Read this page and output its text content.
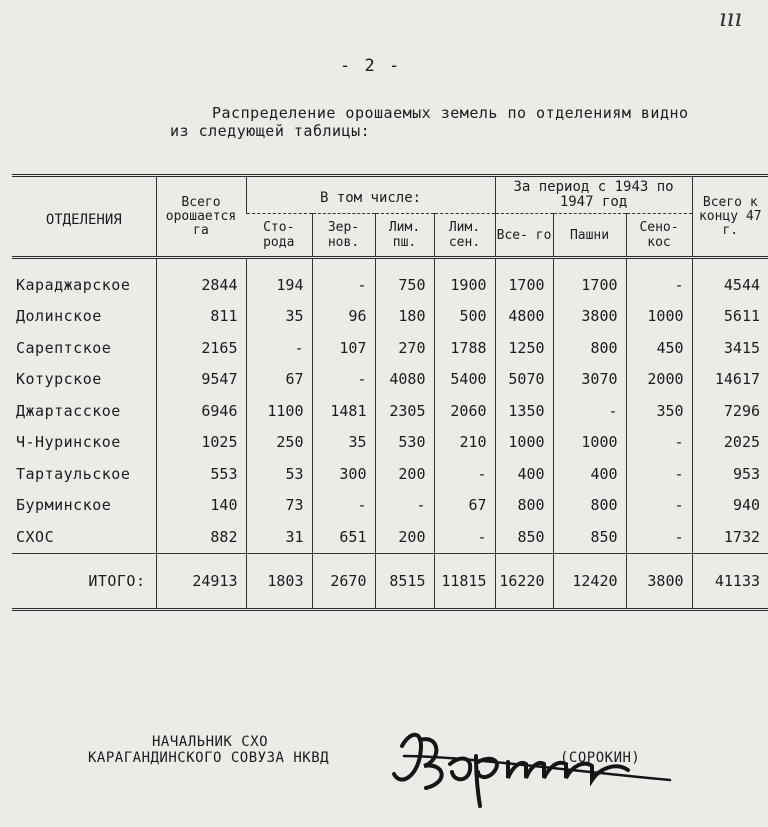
ııı
- 2 -
Распределение орошаемых земель по отделениям видно
из следующей таблицы:
ОТДЕЛЕНИЯ	Всего орошается га	В том числе:				За период с 1943 по 1947 год			Всего к концу 47 г.
		Сто- рода	Зер- нов.	Лим. пш.	Лим. сен.	Все- го	Пашни	Сено- кос	
Караджарское	2844	194	-	750	1900	1700	1700	-	4544
Долинское	811	35	96	180	500	4800	3800	1000	5611
Сарептское	2165	-	107	270	1788	1250	800	450	3415
Котурское	9547	67	-	4080	5400	5070	3070	2000	14617
Джартасское	6946	1100	1481	2305	2060	1350	-	350	7296
Ч-Нуринское	1025	250	35	530	210	1000	1000	-	2025
Тартаульское	553	53	300	200	-	400	400	-	953
Бурминское	140	73	-	-	67	800	800	-	940
СХОС	882	31	651	200	-	850	850	-	1732
ИТОГО:	24913	1803	2670	8515	11815	16220	12420	3800	41133
НАЧАЛЬНИК СХО
КАРАГАНДИНСКОГО СОВУЗА НКВД	(СОРОКИН)
